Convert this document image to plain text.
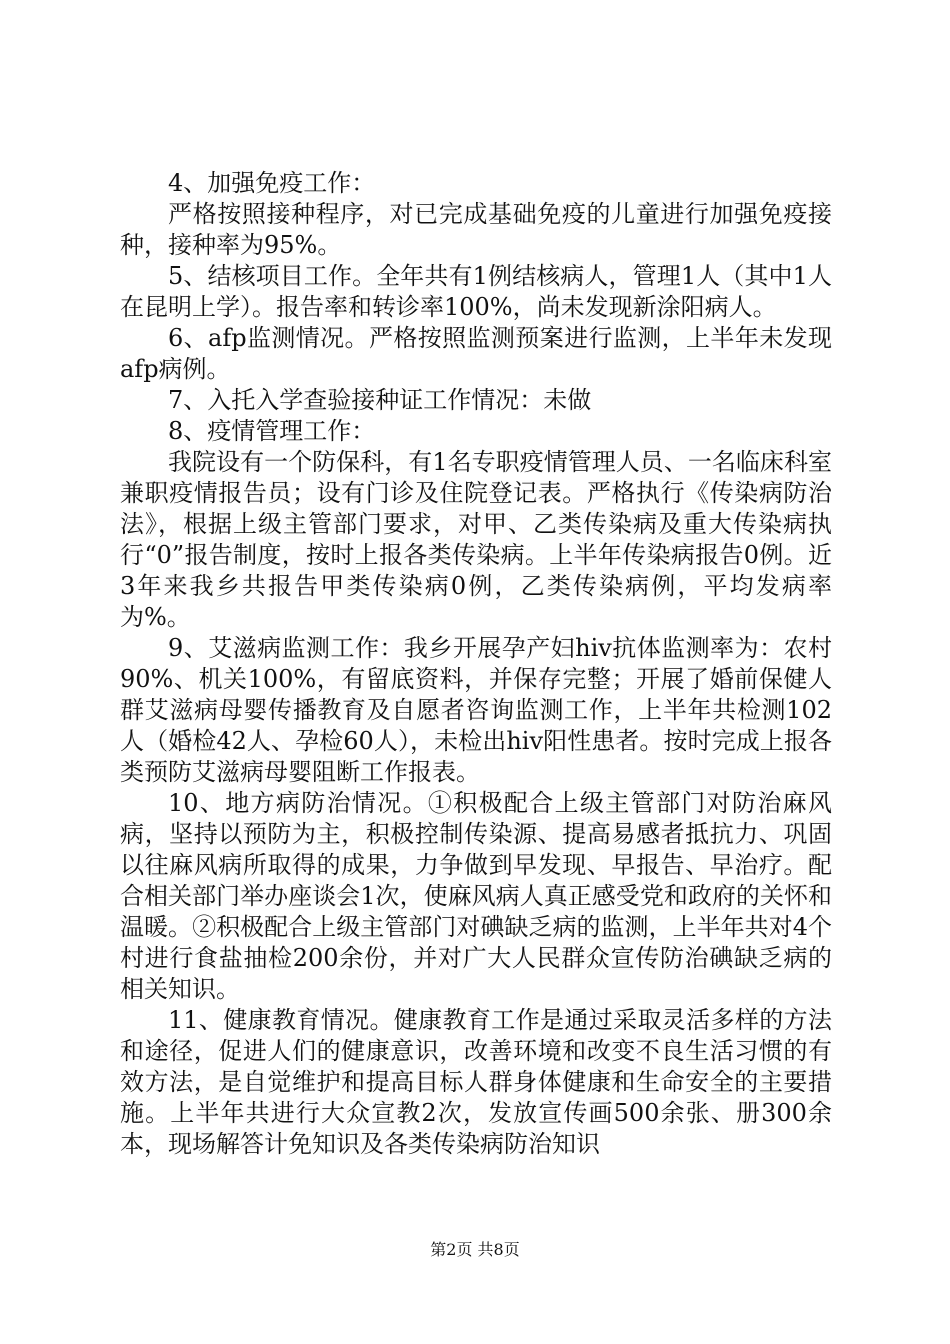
4、加强免疫工作：

严格按照接种程序，对已完成基础免疫的儿童进行加强免疫接种，接种率为95%。

5、结核项目工作。全年共有1例结核病人，管理1人（其中1人在昆明上学）。报告率和转诊率100%，尚未发现新涂阳病人。

6、afp监测情况。严格按照监测预案进行监测，上半年未发现afp病例。

7、入托入学查验接种证工作情况：未做

8、疫情管理工作：

我院设有一个防保科，有1名专职疫情管理人员、一名临床科室兼职疫情报告员；设有门诊及住院登记表。严格执行《传染病防治法》，根据上级主管部门要求，对甲、乙类传染病及重大传染病执行“0”报告制度，按时上报各类传染病。上半年传染病报告0例。近3年来我乡共报告甲类传染病0例，乙类传染病例，平均发病率为%。

9、艾滋病监测工作：我乡开展孕产妇hiv抗体监测率为：农村90%、机关100%，有留底资料，并保存完整；开展了婚前保健人群艾滋病母婴传播教育及自愿者咨询监测工作，上半年共检测102人（婚检42人、孕检60人），未检出hiv阳性患者。按时完成上报各类预防艾滋病母婴阻断工作报表。

10、地方病防治情况。①积极配合上级主管部门对防治麻风病，坚持以预防为主，积极控制传染源、提高易感者抵抗力、巩固以往麻风病所取得的成果，力争做到早发现、早报告、早治疗。配合相关部门举办座谈会1次，使麻风病人真正感受党和政府的关怀和温暖。②积极配合上级主管部门对碘缺乏病的监测，上半年共对4个村进行食盐抽检200余份，并对广大人民群众宣传防治碘缺乏病的相关知识。

11、健康教育情况。健康教育工作是通过采取灵活多样的方法和途径，促进人们的健康意识，改善环境和改变不良生活习惯的有效方法，是自觉维护和提高目标人群身体健康和生命安全的主要措施。上半年共进行大众宣教2次，发放宣传画500余张、册300余本，现场解答计免知识及各类传染病防治知识

第2页 共8页
